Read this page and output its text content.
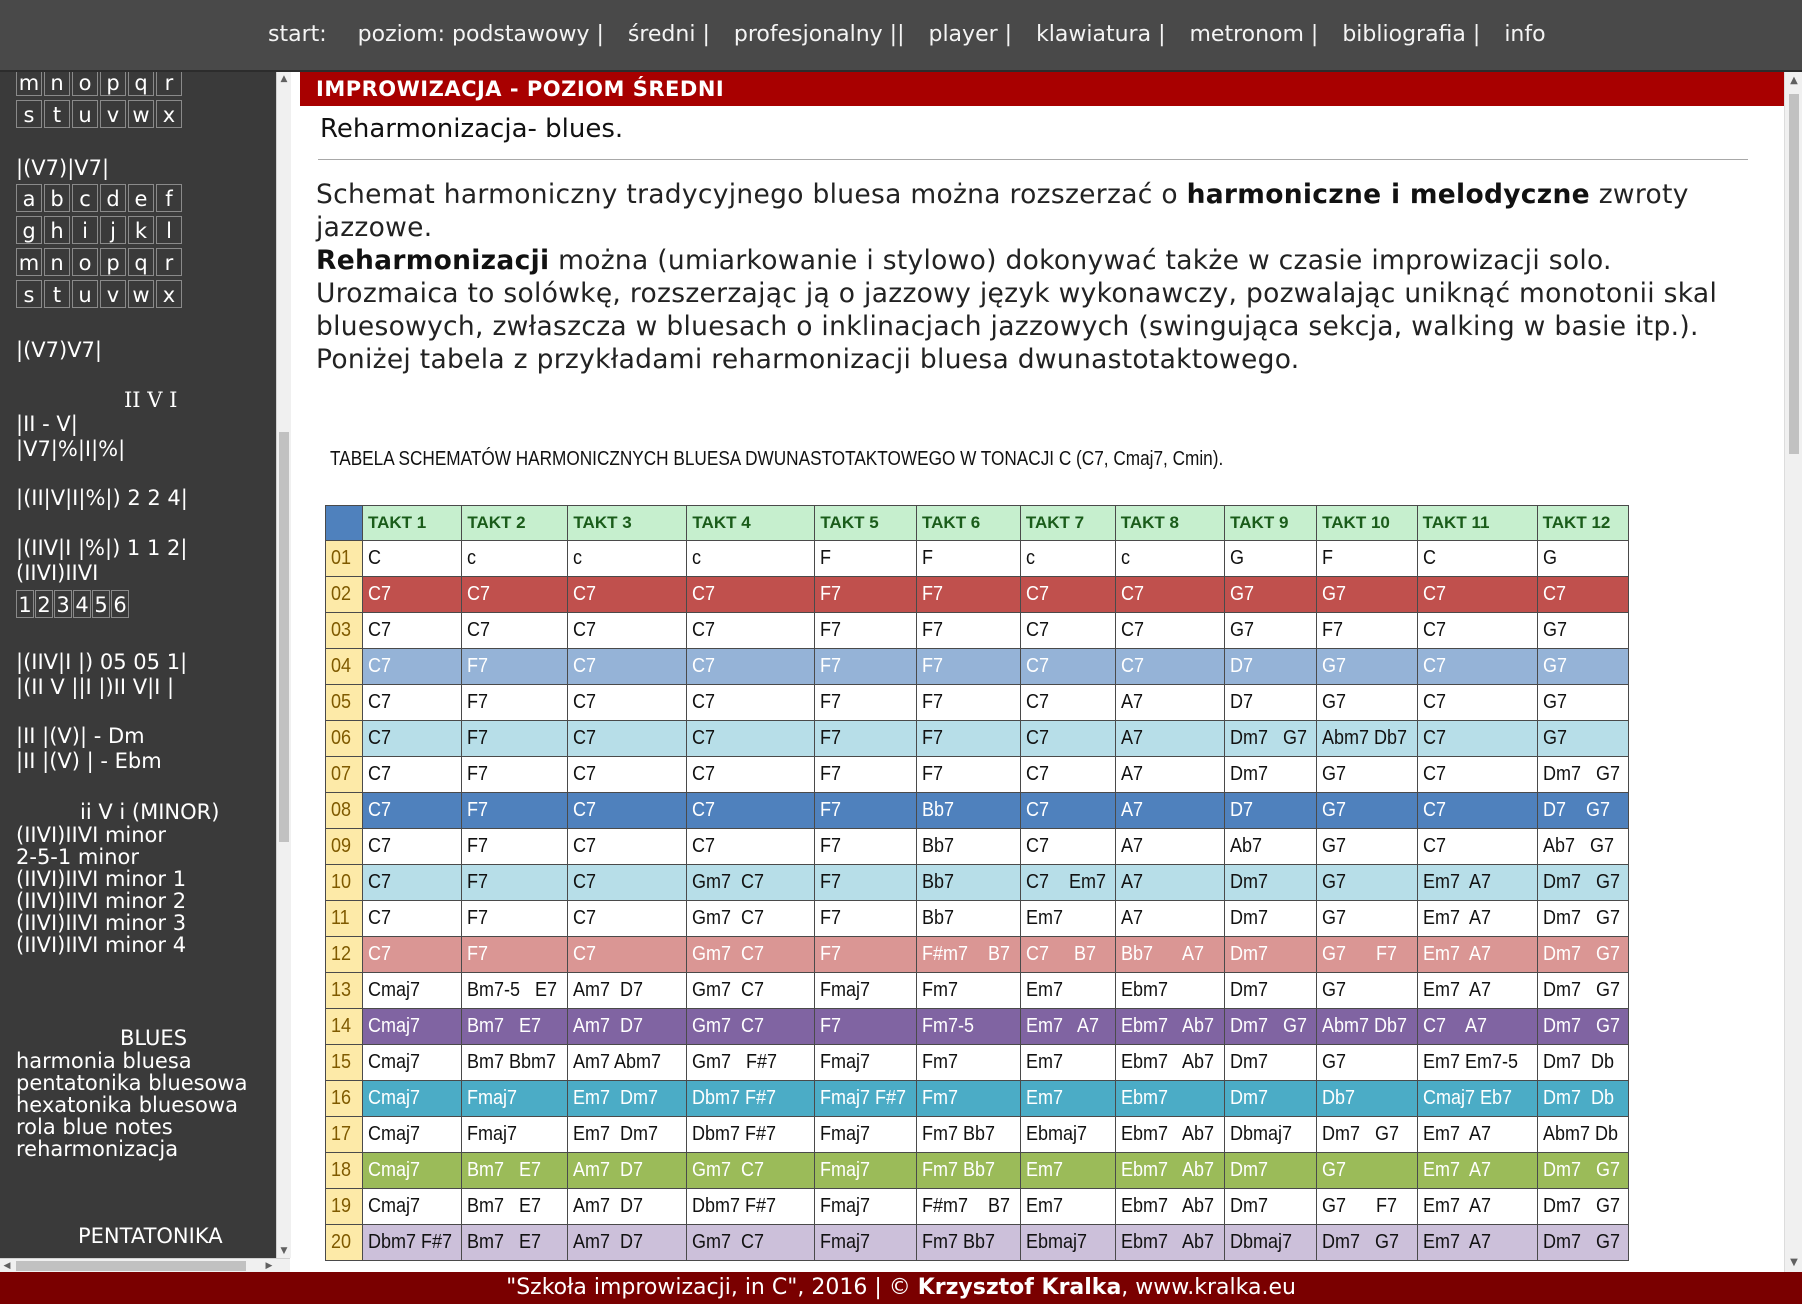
start: poziom: podstawowy | średni | profesjonalny || player | klawiatura | metronom | bibliografia | info
m n o p q r
s t u v w x
|(V7)|V7|
a b c d e f
g h i j k l
m n o p q r
s t u v w x
|(V7)V7|
II V I
|II - V|
|V7|%|I|%|
|(II|V|I|%|) 2 2 4|
|(IIV|I |%|) 1 1 2|
(IIVI)IIVI
1 2 3 4 5 6
|(IIV|I |) 05 05 1|
|(II V ||I |)II V|I |
|II |(V)| - Dm
|II |(V) | - Ebm
ii V i (MINOR)
(IIVI)IIVI minor
2-5-1 minor
(IIVI)IIVI minor 1
(IIVI)IIVI minor 2
(IIVI)IIVI minor 3
(IIVI)IIVI minor 4
BLUES
harmonia bluesa
pentatonika bluesowa
hexatonika bluesowa
rola blue notes
reharmonizacja
PENTATONIKA
▲
▼
◀	▶
IMPROWIZACJA - POZIOM ŚREDNI
Reharmonizacja- blues.
Schemat harmoniczny tradycyjnego bluesa można rozszerzać o harmoniczne i melodyczne zwroty jazzowe.
Reharmonizacji można (umiarkowanie i stylowo) dokonywać także w czasie improwizacji solo. Urozmaica to solówkę, rozszerzając ją o jazzowy język wykonawczy, pozwalając uniknąć monotonii skal bluesowych, zwłaszcza w bluesach o inklinacjach jazzowych (swingująca sekcja, walking w basie itp.). Poniżej tabela z przykładami reharmonizacji bluesa dwunastotaktowego.
TABELA SCHEMATÓW HARMONICZNYCH BLUESA DWUNASTOTAKTOWEGO W TONACJI C (C7, Cmaj7, Cmin).
	TAKT 1	TAKT 2	TAKT 3	TAKT 4	TAKT 5	TAKT 6	TAKT 7	TAKT 8	TAKT 9	TAKT 10	TAKT 11	TAKT 12
01	C	c	c	c	F	F	c	c	G	F	C	G
02	C7	C7	C7	C7	F7	F7	C7	C7	G7	G7	C7	C7
03	C7	C7	C7	C7	F7	F7	C7	C7	G7	F7	C7	G7
04	C7	F7	C7	C7	F7	F7	C7	C7	D7	G7	C7	G7
05	C7	F7	C7	C7	F7	F7	C7	A7	D7	G7	C7	G7
06	C7	F7	C7	C7	F7	F7	C7	A7	Dm7   G7	Abm7 Db7	C7	G7
07	C7	F7	C7	C7	F7	F7	C7	A7	Dm7	G7	C7	Dm7   G7
08	C7	F7	C7	C7	F7	Bb7	C7	A7	D7	G7	C7	D7    G7
09	C7	F7	C7	C7	F7	Bb7	C7	A7	Ab7	G7	C7	Ab7   G7
10	C7	F7	C7	Gm7  C7	F7	Bb7	C7    Em7	A7	Dm7	G7	Em7  A7	Dm7   G7
11	C7	F7	C7	Gm7  C7	F7	Bb7	Em7	A7	Dm7	G7	Em7  A7	Dm7   G7
12	C7	F7	C7	Gm7  C7	F7	F#m7    B7	C7     B7	Bb7      A7	Dm7	G7      F7	Em7  A7	Dm7   G7
13	Cmaj7	Bm7-5   E7	Am7  D7	Gm7  C7	Fmaj7	Fm7	Em7	Ebm7	Dm7	G7	Em7  A7	Dm7   G7
14	Cmaj7	Bm7   E7	Am7  D7	Gm7  C7	F7	Fm7-5	Em7   A7	Ebm7   Ab7	Dm7   G7	Abm7 Db7	C7    A7	Dm7   G7
15	Cmaj7	Bm7 Bbm7	Am7 Abm7	Gm7   F#7	Fmaj7	Fm7	Em7	Ebm7   Ab7	Dm7	G7	Em7 Em7-5	Dm7  Db
16	Cmaj7	Fmaj7	Em7  Dm7	Dbm7 F#7	Fmaj7 F#7	Fm7	Em7	Ebm7	Dm7	Db7	Cmaj7 Eb7	Dm7  Db
17	Cmaj7	Fmaj7	Em7  Dm7	Dbm7 F#7	Fmaj7	Fm7 Bb7	Ebmaj7	Ebm7   Ab7	Dbmaj7	Dm7   G7	Em7  A7	Abm7 Db
18	Cmaj7	Bm7   E7	Am7  D7	Gm7  C7	Fmaj7	Fm7 Bb7	Em7	Ebm7   Ab7	Dm7	G7	Em7  A7	Dm7   G7
19	Cmaj7	Bm7   E7	Am7  D7	Dbm7 F#7	Fmaj7	F#m7    B7	Em7	Ebm7   Ab7	Dm7	G7      F7	Em7  A7	Dm7   G7
20	Dbm7 F#7	Bm7   E7	Am7  D7	Gm7  C7	Fmaj7	Fm7 Bb7	Ebmaj7	Ebm7   Ab7	Dbmaj7	Dm7   G7	Em7  A7	Dm7   G7
▲
▼
"Szkoła improwizacji, in C", 2016 | © Krzysztof Kralka, www.kralka.eu
